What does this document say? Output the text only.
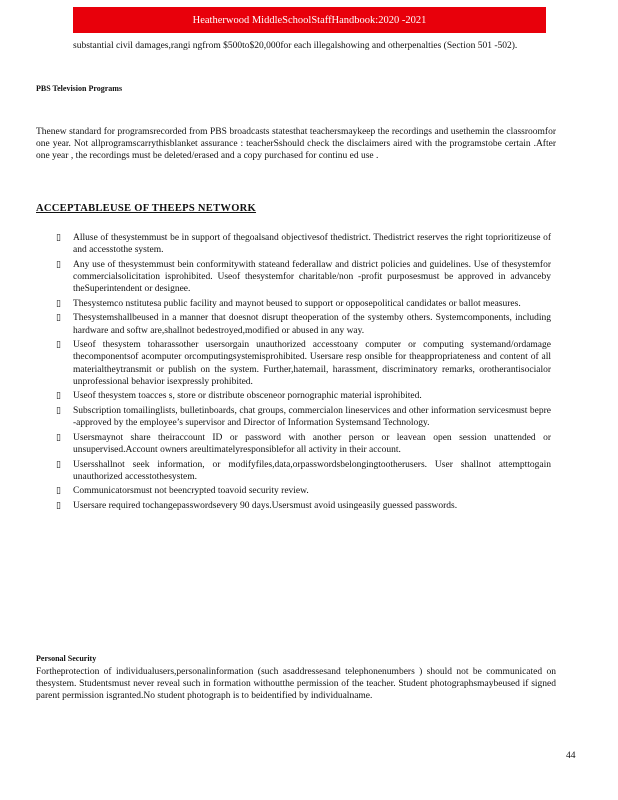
Heatherwood MiddleSchoolStaffHandbook:2020 -2021
substantial civil damages,rangi ngfrom $500to$20,000for each illegalshowing and otherpenalties (Section 501 -502).
PBS Television Programs
Thenew standard for programsrecorded from PBS broadcasts statesthat teachersmaykeep the recordings and usethemin the classroomfor one year. Not allprogramscarrythisblanket assurance : teacherSshould check the disclaimers aired with the programstobe certain .After one year , the recordings must be deleted/erased and a copy purchased for continu ed use .
ACCEPTABLEUSE OF THEEPS NETWORK
▯ Alluse of thesystemmust be in support of thegoalsand objectivesof thedistrict. Thedistrict reserves the right toprioritizeuse of and accesstothe system.
▯ Any use of thesystemmust bein conformitywith stateand federallaw and district policies and guidelines. Use of thesystemfor commercialsolicitation isprohibited. Useof thesystemfor charitable/non -profit purposesmust be approved in advanceby theSuperintendent or designee.
▯ Thesystemco nstitutesa public facility and maynot beused to support or opposepolitical candidates or ballot measures.
▯ Thesystemshallbeused in a manner that doesnot disrupt theoperation of the systemby others. Systemcomponents, including hardware and softw are,shallnot bedestroyed,modified or abused in any way.
▯ Useof thesystem toharassother usersorgain unauthorized accesstoany computer or computing systemand/ordamage thecomponentsof acomputer orcomputingsystemisprohibited. Usersare resp onsible for theappropriateness and content of all materialtheytransmit or publish on the system. Further,hatemail, harassment, discriminatory remarks, orotherantisocialor unprofessional behavior isexpressly prohibited.
▯ Useof thesystem toacces s, store or distribute obsceneor pornographic material isprohibited.
▯ Subscription tomailinglists, bulletinboards, chat groups, commercialon lineservices and other information servicesmust bepre -approved by the employee’s supervisor and Director of Information Systemsand Technology.
▯ Usersmaynot share theiraccount ID or password with another person or leavean open session unattended or unsupervised.Account owners areultimatelyresponsiblefor all activity in their account.
▯ Usersshallnot seek information, or modifyfiles,data,orpasswordsbelongingtootherusers. User shallnot attempttogain unauthorized accesstothesystem.
▯ Communicatorsmust not beencrypted toavoid security review.
▯ Usersare required tochangepasswordsevery 90 days.Usersmust avoid usingeasily guessed passwords.
Personal Security
Fortheprotection of individualusers,personalinformation (such asaddressesand telephonenumbers ) should not be communicated on thesystem. Studentsmust never reveal such in formation withoutthe permission of the teacher. Student photographsmaybeused if signed parent permission isgranted.No student photograph is to beidentified by individualname.
44
